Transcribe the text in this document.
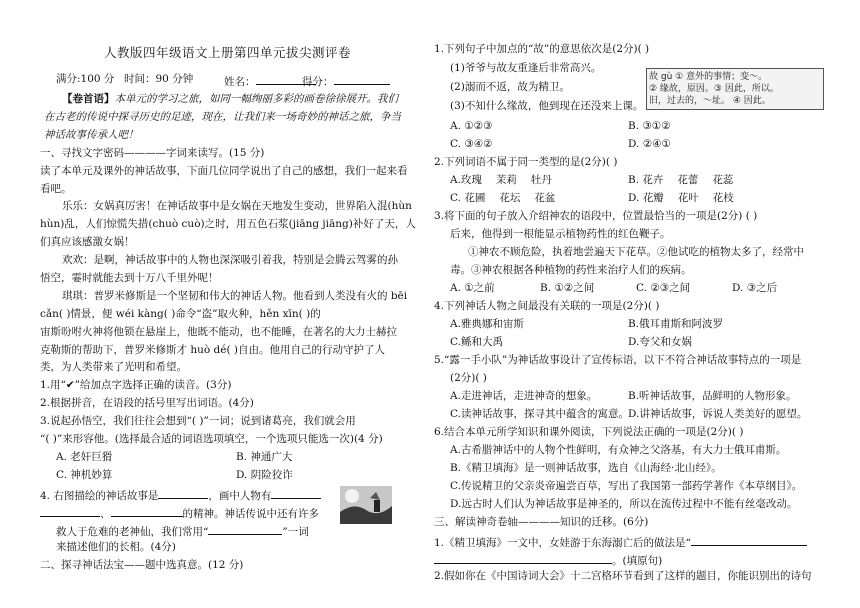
人教版四年级语文上册第四单元拔尖测评卷
满分:100 分 时间：90 分钟	姓名：	得分：
【卷首语】本单元的学习之旅，如同一幅绚丽多彩的画卷徐徐展开。我们
在古老的传说中探寻历史的足迹，现在，让我们来一场奇妙的神话之旅，争当
神话故事传承人吧！
一、寻找文字密码————字词来读写。(15 分)
读了本单元及课外的神话故事，下面几位同学说出了自己的感想，我们一起来看
看吧。
乐乐：女娲真厉害！在神话故事中是女娲在天地发生变动，世界陷入混(hùn
hùn)乱，人们惊慌失措(chuò cuò)之时，用五色石浆(jiāng jiāng)补好了天，人
们真应该感激女娲！
欢欢：是啊，神话故事中的人物也深深吸引着我，特别是会腾云驾雾的孙
悟空，霎时就能去到十万八千里外呢！
琪琪：普罗米修斯是一个坚韧和伟大的神话人物。他看到人类没有火的 bēi
cǎn( )情景，便 wéi kàng( )命令“盗”取火种，hěn xīn( )的
宙斯吩咐火神将他锁在悬崖上，他既不能动，也不能睡，在著名的大力士赫拉
克勒斯的帮助下，普罗米修斯才 huò dé( )自由。他用自己的行动守护了人
类，为人类带来了光明和希望。
1.用“✔”给加点字选择正确的读音。(3分)
2.根据拼音，在语段的括号里写出词语。(4分)
3.说起孙悟空，我们往往会想到“( )”一词；说到诸葛亮，我们就会用
“( )”来形容他。(选择最合适的词语选项填空，一个选项只能选一次)(4 分)
A. 老奸巨猾	B. 神通广大
C. 神机妙算	D. 阴险狡诈
4. 右图描绘的神话故事是	，画中人物有
、	的精神。神话传说中还有许多
救人于危难的老神仙，我们常用“	”一词
来描述他们的长相。(4分)
二、探寻神话法宝——题中选真意。(12 分)
1.下列句子中加点的“故”的意思依次是(2分)( )
(1)爷爷与故友重逢后非常高兴。
(2)溺而不返，故为精卫。
(3)不知什么缘故，他到现在还没来上课。
故 gù ① 意外的事情；变～。
② 缘故，原因。③ 因此，所以。
旧，过去的，～址。 ④ 因此。
A. ①②③	B. ③①②
C. ③④②	D. ②④①
2.下列词语不属于同一类型的是(2分)( )
A.玫瑰 茉莉 牡丹	B. 花卉 花蕾 花蕊
C. 花圃 花坛 花盆	D. 花瓣 花叶 花枝
3.将下面的句子放入介绍神农的语段中，位置最恰当的一项是(2分) ( )
后来，他得到一根能显示植物药性的红色鞭子。
①神农不顾危险，执着地尝遍天下花草。②他试吃的植物太多了，经常中
毒。③神农根据各种植物的药性来治疗人们的疾病。
A. ①之前	B. ①②之间	C. ②③之间	D. ③之后
4.下列神话人物之间最没有关联的一项是(2分)( )
A.雅典娜和宙斯	B.俄耳甫斯和阿波罗
C.鲧和大禹	D.夸父和女娲
5.“露一手小队”为神话故事设计了宣传标语，以下不符合神话故事特点的一项是
(2分)( )
A.走进神话，走进神奇的想象。	B.听神话故事，品鲜明的人物形象。
C.读神话故事，探寻其中蕴含的寓意。 D.讲神话故事，诉说人类美好的愿望。
6.结合本单元所学知识和课外阅读，下列说法正确的一项是(2分)( )
A.古希腊神话中的人物个性鲜明，有众神之父洛基，有大力士俄耳甫斯。
B.《精卫填海》是一则神话故事，选自《山海经·北山经》。
C.传说精卫的父亲炎帝遍尝百草，写出了我国第一部药学著作《本草纲目》。
D.远古时人们认为神话故事是神圣的，所以在流传过程中不能有丝毫改动。
三、解读神奇卷轴————知识的迁移。(6分)
1.《精卫填海》一文中，女娃游于东海溺亡后的做法是“
。(填原句)
2.假如你在《中国诗词大会》十二宫格环节看到了这样的题目，你能识别出的诗句
